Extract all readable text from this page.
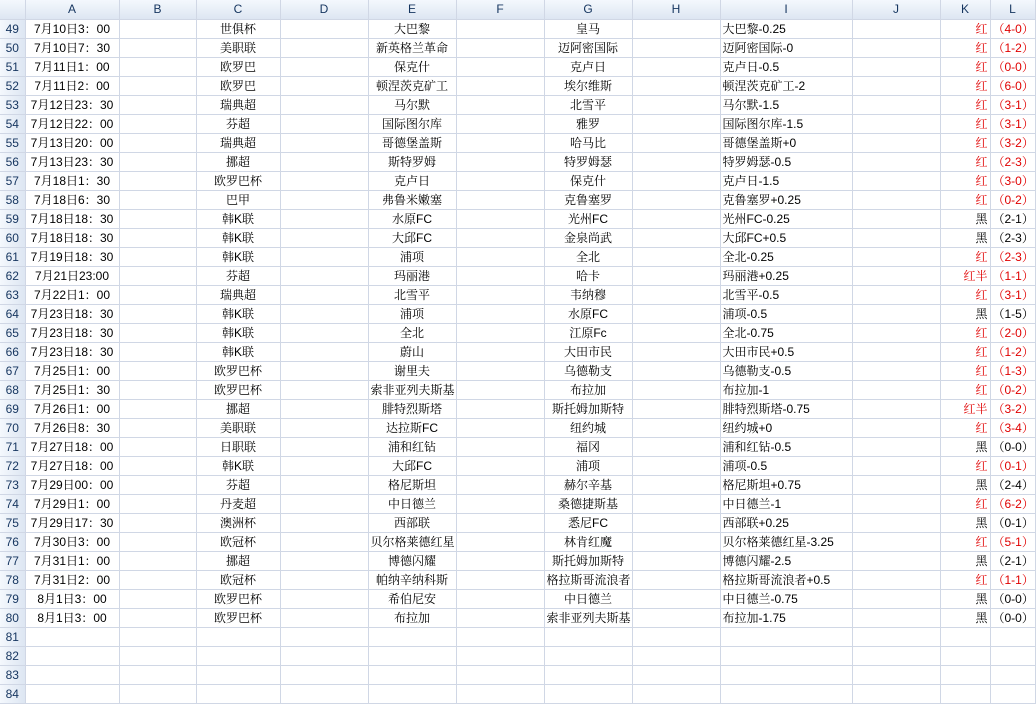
	A	B	C	D	E	F	G	H	I	J	K	L
49	7月10日3：00		世俱杯		大巴黎		皇马		大巴黎-0.25		红	（4-0）
50	7月10日7：30		美职联		新英格兰革命		迈阿密国际		迈阿密国际-0		红	（1-2）
51	7月11日1：00		欧罗巴		保克什		克卢日		克卢日-0.5		红	（0-0）
52	7月11日2：00		欧罗巴		顿涅茨克矿工		埃尔维斯		顿涅茨克矿工-2		红	（6-0）
53	7月12日23：30		瑞典超		马尔默		北雪平		马尔默-1.5		红	（3-1）
54	7月12日22：00		芬超		国际图尔库		雅罗		国际图尔库-1.5		红	（3-1）
55	7月13日20：00		瑞典超		哥德堡盖斯		哈马比		哥德堡盖斯+0		红	（3-2）
56	7月13日23：30		挪超		斯特罗姆		特罗姆瑟		特罗姆瑟-0.5		红	（2-3）
57	7月18日1：30		欧罗巴杯		克卢日		保克什		克卢日-1.5		红	（3-0）
58	7月18日6：30		巴甲		弗鲁米嫩塞		克鲁塞罗		克鲁塞罗+0.25		红	（0-2）
59	7月18日18：30		韩K联		水原FC		光州FC		光州FC-0.25		黑	（2-1）
60	7月18日18：30		韩K联		大邱FC		金泉尚武		大邱FC+0.5		黑	（2-3）
61	7月19日18：30		韩K联		浦项		全北		全北-0.25		红	（2-3）
62	7月21日23:00		芬超		玛丽港		哈卡		玛丽港+0.25		红半	（1-1）
63	7月22日1：00		瑞典超		北雪平		韦纳穆		北雪平-0.5		红	（3-1）
64	7月23日18：30		韩K联		浦项		水原FC		浦项-0.5		黑	（1-5）
65	7月23日18：30		韩K联		全北		江原Fc		全北-0.75		红	（2-0）
66	7月23日18：30		韩K联		蔚山		大田市民		大田市民+0.5		红	（1-2）
67	7月25日1：00		欧罗巴杯		谢里夫		乌德勒支		乌德勒支-0.5		红	（1-3）
68	7月25日1：30		欧罗巴杯		索非亚列夫斯基		布拉加		布拉加-1		红	（0-2）
69	7月26日1：00		挪超		腓特烈斯塔		斯托姆加斯特		腓特烈斯塔-0.75		红半	（3-2）
70	7月26日8：30		美职联		达拉斯FC		纽约城		纽约城+0		红	（3-4）
71	7月27日18：00		日职联		浦和红钻		福冈		浦和红钻-0.5		黑	（0-0）
72	7月27日18：00		韩K联		大邱FC		浦项		浦项-0.5		红	（0-1）
73	7月29日00：00		芬超		格尼斯坦		赫尔辛基		格尼斯坦+0.75		黑	（2-4）
74	7月29日1：00		丹麦超		中日德兰		桑德捷斯基		中日德兰-1		红	（6-2）
75	7月29日17：30		澳洲杯		西部联		悉尼FC		西部联+0.25		黑	（0-1）
76	7月30日3：00		欧冠杯		贝尔格莱德红星		林肯红魔		贝尔格莱德红星-3.25		红	（5-1）
77	7月31日1：00		挪超		博德闪耀		斯托姆加斯特		博德闪耀-2.5		黑	（2-1）
78	7月31日2：00		欧冠杯		帕纳辛纳科斯		格拉斯哥流浪者		格拉斯哥流浪者+0.5		红	（1-1）
79	8月1日3：00		欧罗巴杯		希伯尼安		中日德兰		中日德兰-0.75		黑	（0-0）
80	8月1日3：00		欧罗巴杯		布拉加		索非亚列夫斯基		布拉加-1.75		黑	（0-0）
81												
82												
83												
84												
